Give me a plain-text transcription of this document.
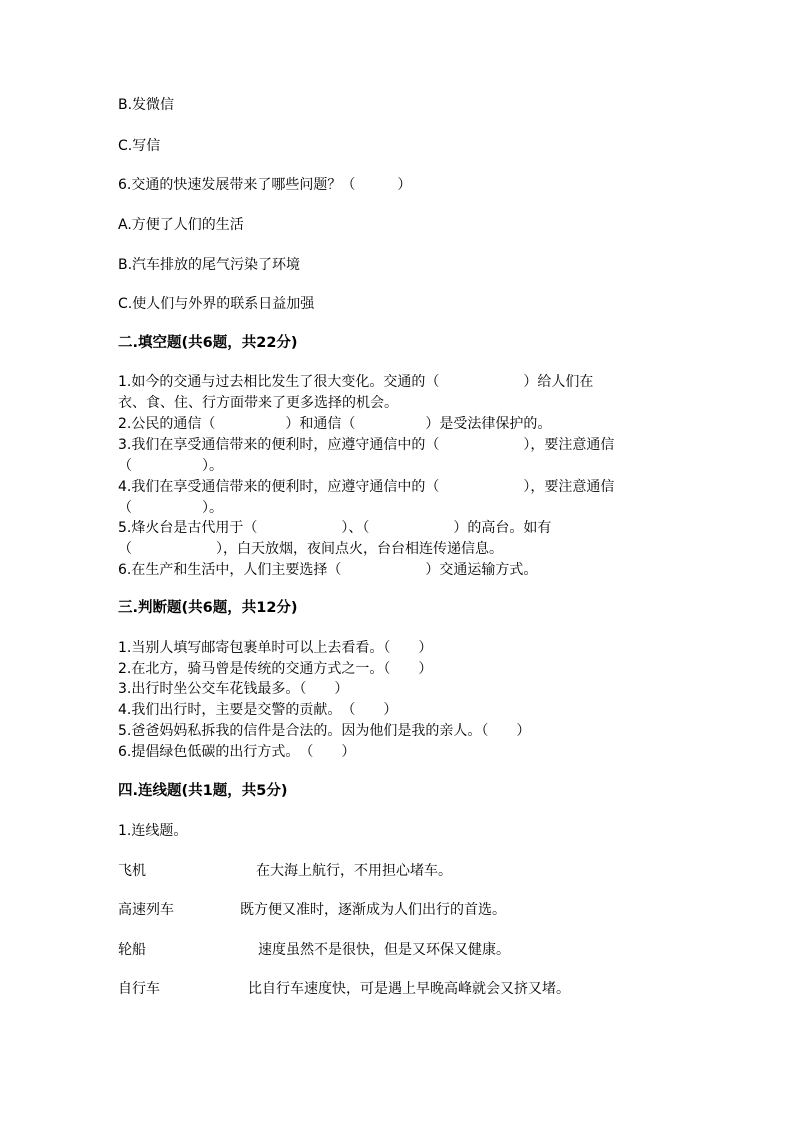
B.发微信
C.写信
6.交通的快速发展带来了哪些问题？（　　　）
A.方便了人们的生活
B.汽车排放的尾气污染了环境
C.使人们与外界的联系日益加强
二.填空题(共6题，共22分)
1.如今的交通与过去相比发生了很大变化。交通的（　　　　　　）给人们在
衣、食、住、行方面带来了更多选择的机会。
2.公民的通信（　　　　　）和通信（　　　　　）是受法律保护的。
3.我们在享受通信带来的便利时，应遵守通信中的（　　　　　　），要注意通信
（　　　　　）。
4.我们在享受通信带来的便利时，应遵守通信中的（　　　　　　），要注意通信
（　　　　　）。
5.烽火台是古代用于（　　　　　　）、（　　　　　　）的高台。如有
（　　　　　　），白天放烟，夜间点火，台台相连传递信息。
6.在生产和生活中，人们主要选择（　　　　　　）交通运输方式。
三.判断题(共6题，共12分)
1.当别人填写邮寄包裹单时可以上去看看。（　　）
2.在北方，骑马曾是传统的交通方式之一。（　　）
3.出行时坐公交车花钱最多。（　　）
4.我们出行时，主要是交警的贡献。　（　　）
5.爸爸妈妈私拆我的信件是合法的。因为他们是我的亲人。（　　）
6.提倡绿色低碳的出行方式。　（　　）
四.连线题(共1题，共5分)
1.连线题。
飞机	在大海上航行，不用担心堵车。
高速列车	既方便又准时，逐渐成为人们出行的首选。
轮船	速度虽然不是很快，但是又环保又健康。
自行车	比自行车速度快，可是遇上早晚高峰就会又挤又堵。
